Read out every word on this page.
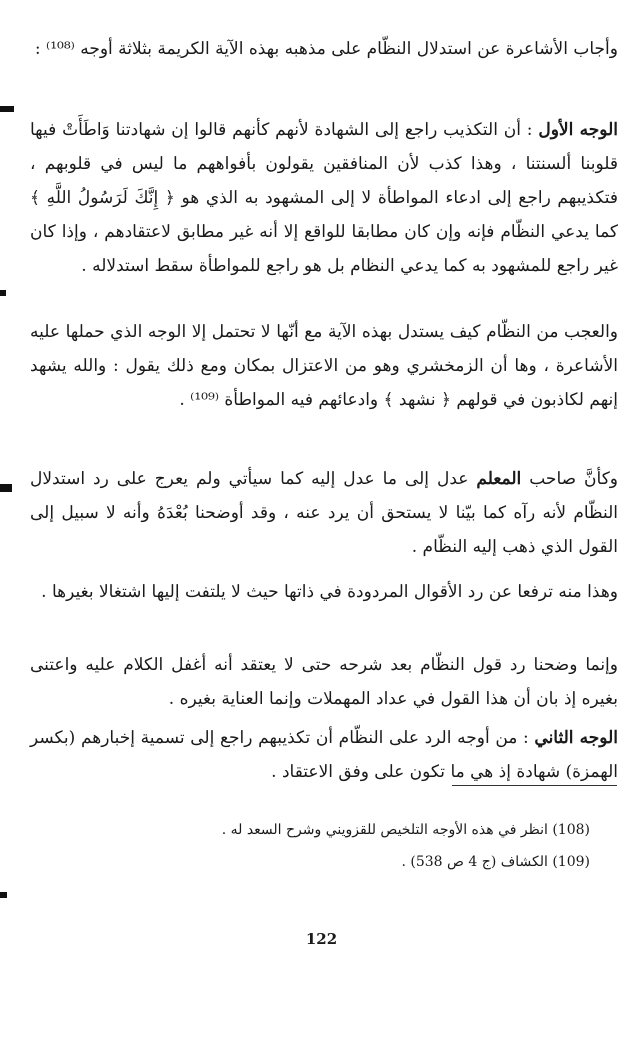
وأجاب الأشاعرة عن استدلال النظّام على مذهبه بهذه الآية الكريمة بثلاثة أوجه ⁽¹⁰⁸⁾ :

الوجه الأول : أن التكذيب راجع إلى الشهادة لأنهم كأنهم قالوا إن شهادتنا وَاطَأَتْ فيها قلوبنا ألسنتنا ، وهذا كذب لأن المنافقين يقولون بأفواههم ما ليس في قلوبهم ، فتكذيبهم راجع إلى ادعاء المواطأة لا إلى المشهود به الذي هو ﴿ إِنَّكَ لَرَسُولُ اللَّهِ ﴾ كما يدعي النظّام فإنه وإن كان مطابقا للواقع إلا أنه غير مطابق لاعتقادهم ، وإذا كان غير راجع للمشهود به كما يدعي النظام بل هو راجع للمواطأة سقط استدلاله .

والعجب من النظّام كيف يستدل بهذه الآية مع أنّها لا تحتمل إلا الوجه الذي حملها عليه الأشاعرة ، وها أن الزمخشري وهو من الاعتزال بمكان ومع ذلك يقول : والله يشهد إنهم لكاذبون في قولهم ﴿ نشهد ﴾ وادعائهم فيه المواطأة ⁽¹⁰⁹⁾ .

وكأنَّ صاحب المعلم عدل إلى ما عدل إليه كما سيأتي ولم يعرج على رد استدلال النظّام لأنه رآه كما بيّنا لا يستحق أن يرد عنه ، وقد أوضحنا بُعْدَهُ وأنه لا سبيل إلى القول الذي ذهب إليه النظّام .

وهذا منه ترفعا عن رد الأقوال المردودة في ذاتها حيث لا يلتفت إليها اشتغالا بغيرها .

وإنما وضحنا رد قول النظّام بعد شرحه حتى لا يعتقد أنه أغفل الكلام عليه واعتنى بغيره إذ بان أن هذا القول في عداد المهملات وإنما العناية بغيره .

الوجه الثاني : من أوجه الرد على النظّام أن تكذيبهم راجع إلى تسمية إخبارهم (بكسر الهمزة) شهادة إذ هي ما تكون على وفق الاعتقاد .

(108) انظر في هذه الأوجه التلخيص للقزويني وشرح السعد له .
(109) الكشاف (ج 4 ص 538) .
122
